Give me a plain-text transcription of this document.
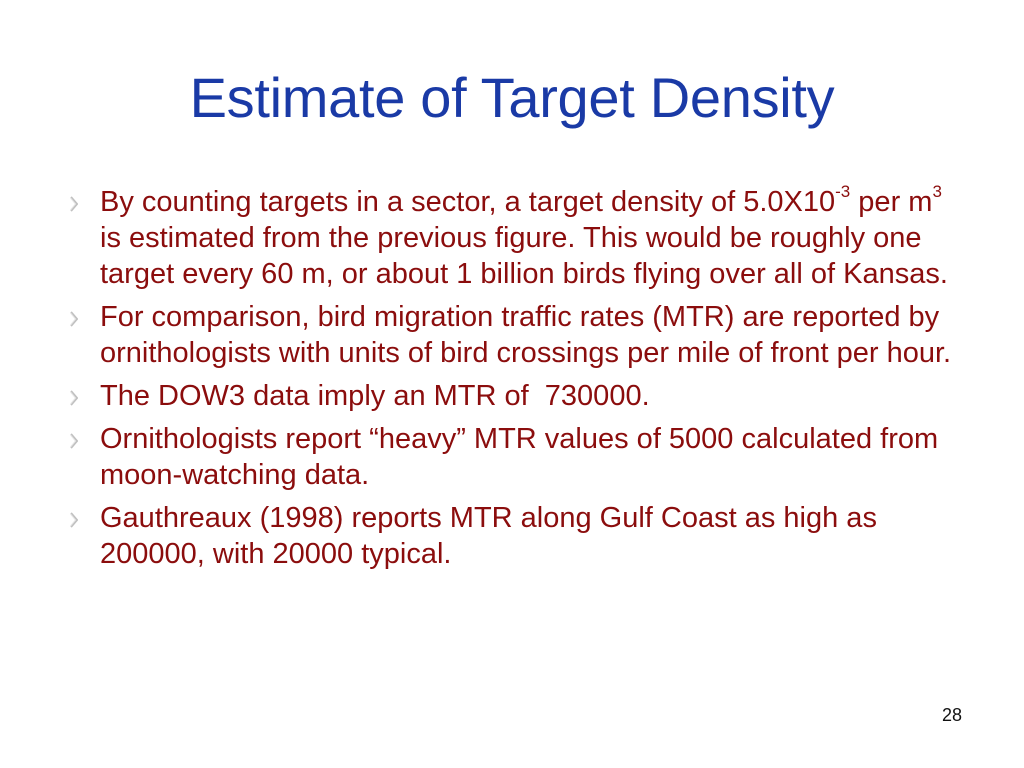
Estimate of Target Density
By counting targets in a sector, a target density of $5.0X10^{-3}$ per $m^3$ is estimated from the previous figure. This would be roughly one target every 60 m, or about 1 billion birds flying over all of Kansas.
For comparison, bird migration traffic rates (MTR) are reported by ornithologists with units of bird crossings per mile of front per hour.
The DOW3 data imply an MTR of  730000.
Ornithologists report “heavy” MTR values of 5000 calculated from moon-watching data.
Gauthreaux (1998) reports MTR along Gulf Coast as high as 200000, with 20000 typical.
28
